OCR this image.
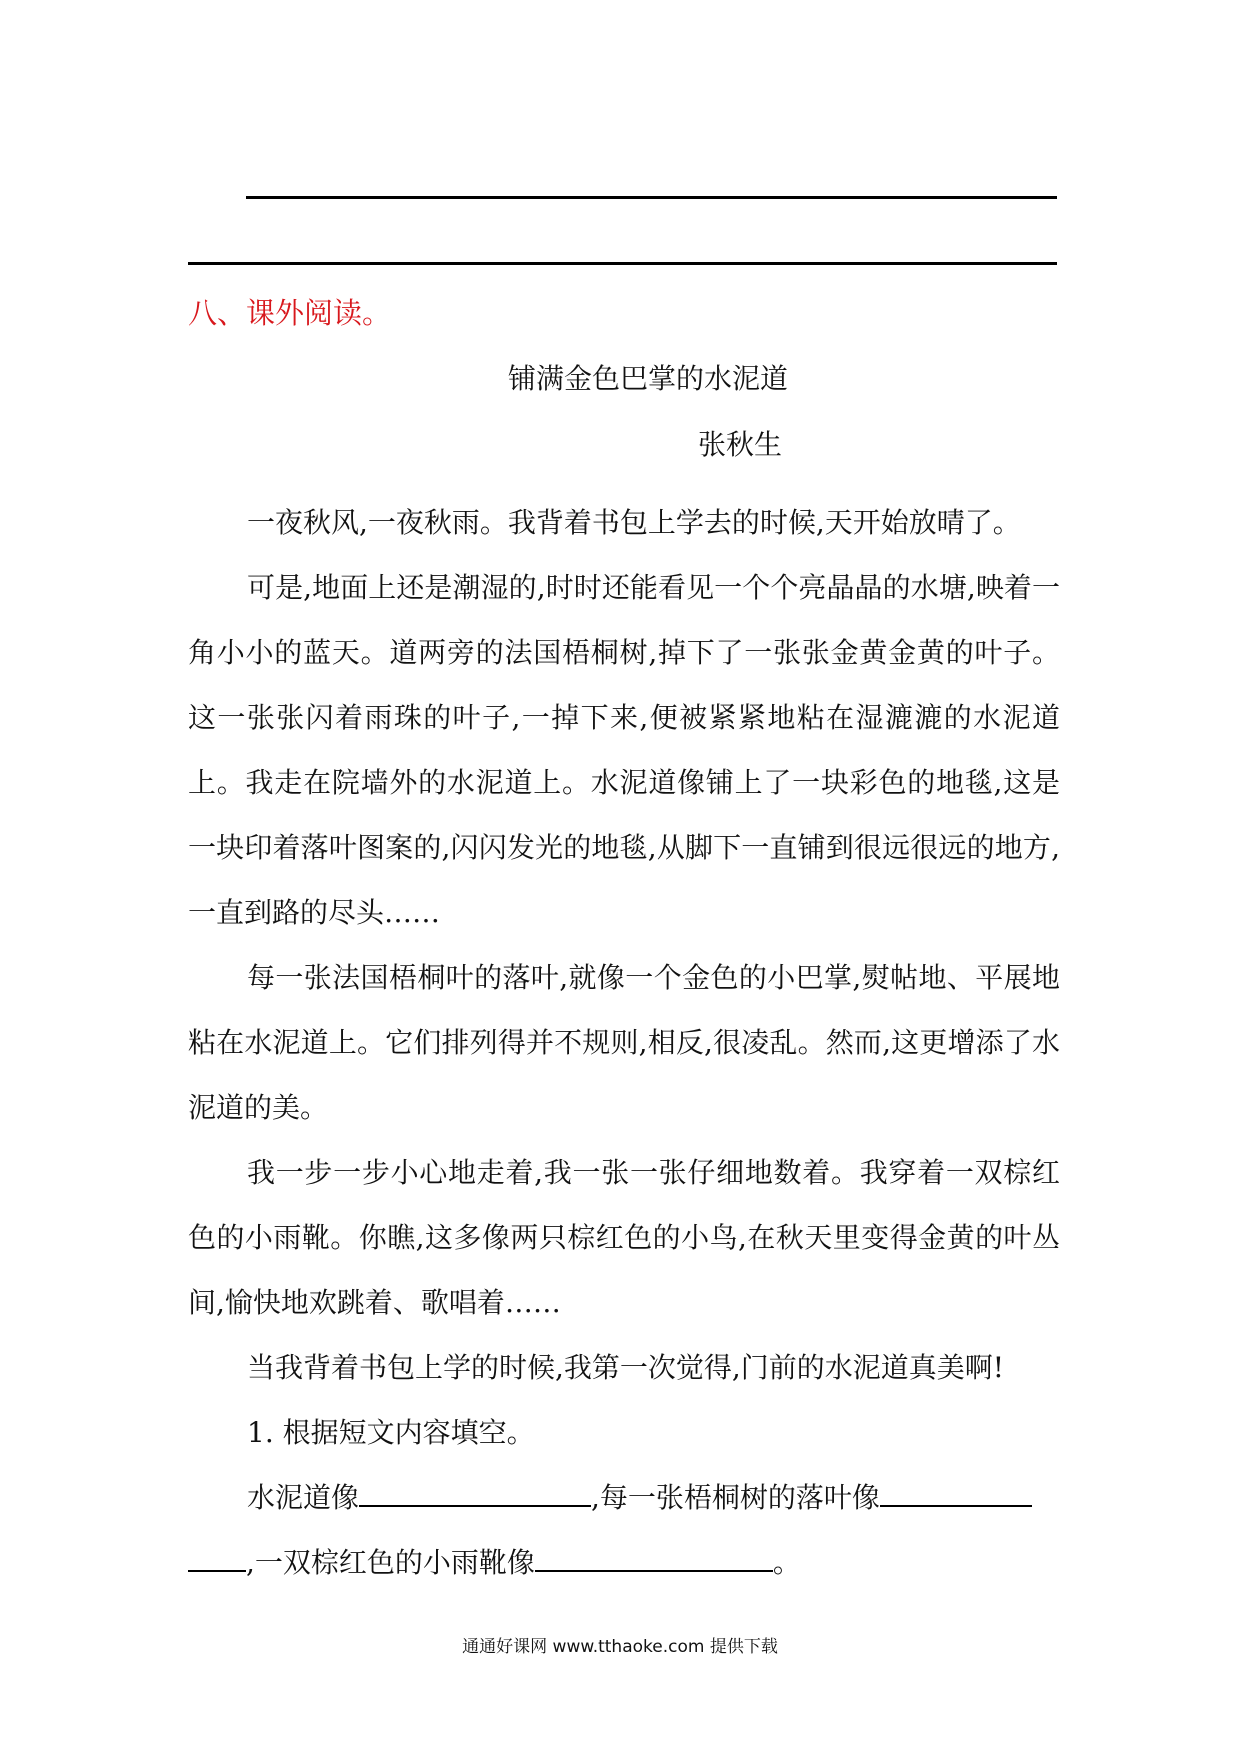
八、课外阅读。
铺满金色巴掌的水泥道
张秋生

一夜秋风,一夜秋雨。我背着书包上学去的时候,天开始放晴了。

可是,地面上还是潮湿的,时时还能看见一个个亮晶晶的水塘,映着一角小小的蓝天。道两旁的法国梧桐树,掉下了一张张金黄金黄的叶子。这一张张闪着雨珠的叶子,一掉下来,便被紧紧地粘在湿漉漉的水泥道上。我走在院墙外的水泥道上。水泥道像铺上了一块彩色的地毯,这是一块印着落叶图案的,闪闪发光的地毯,从脚下一直铺到很远很远的地方,一直到路的尽头……

每一张法国梧桐叶的落叶,就像一个金色的小巴掌,熨帖地、平展地粘在水泥道上。它们排列得并不规则,相反,很凌乱。然而,这更增添了水泥道的美。

我一步一步小心地走着,我一张一张仔细地数着。我穿着一双棕红色的小雨靴。你瞧,这多像两只棕红色的小鸟,在秋天里变得金黄的叶丛间,愉快地欢跳着、歌唱着……

当我背着书包上学的时候,我第一次觉得,门前的水泥道真美啊!

1. 根据短文内容填空。

水泥道像	,每一张梧桐树的落叶像

,一双棕红色的小雨靴像	。

通通好课网 www.tthaoke.com 提供下载
